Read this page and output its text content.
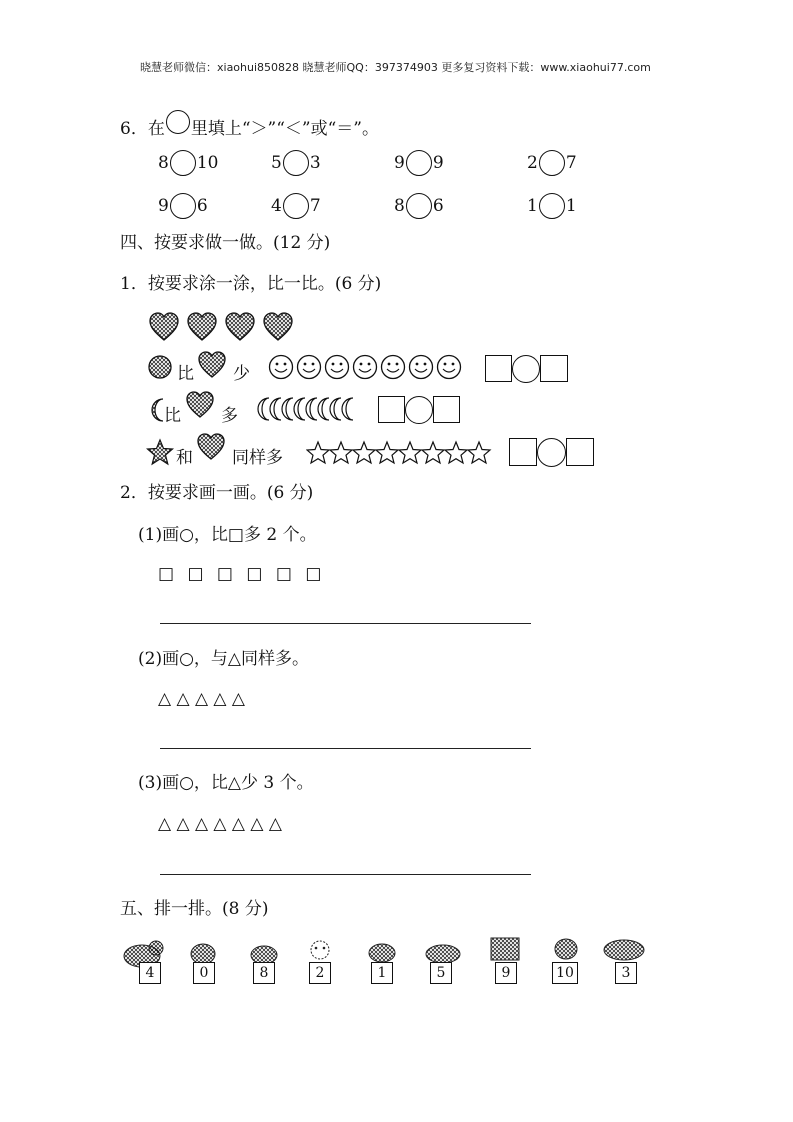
晓慧老师微信：xiaohui850828 晓慧老师QQ：397374903 更多复习资料下载：www.xiaohui77.com
6．在 里填上“＞”“＜”或“＝”。
8 10	5 3	9 9	2 7
9 6	4 7	8 6	1 1
四、按要求做一做。(12 分)
1．按要求涂一涂，比一比。(6 分)
比 少
比 多
和 同样多
2．按要求画一画。(6 分)
(1)画○，比□多 2 个。
□ □ □ □ □ □
(2)画○，与△同样多。
△ △ △ △ △
(3)画○，比△少 3 个。
△ △ △ △ △ △ △
五、排一排。(8 分)
4	0	8	2	1	5	9	10	3
